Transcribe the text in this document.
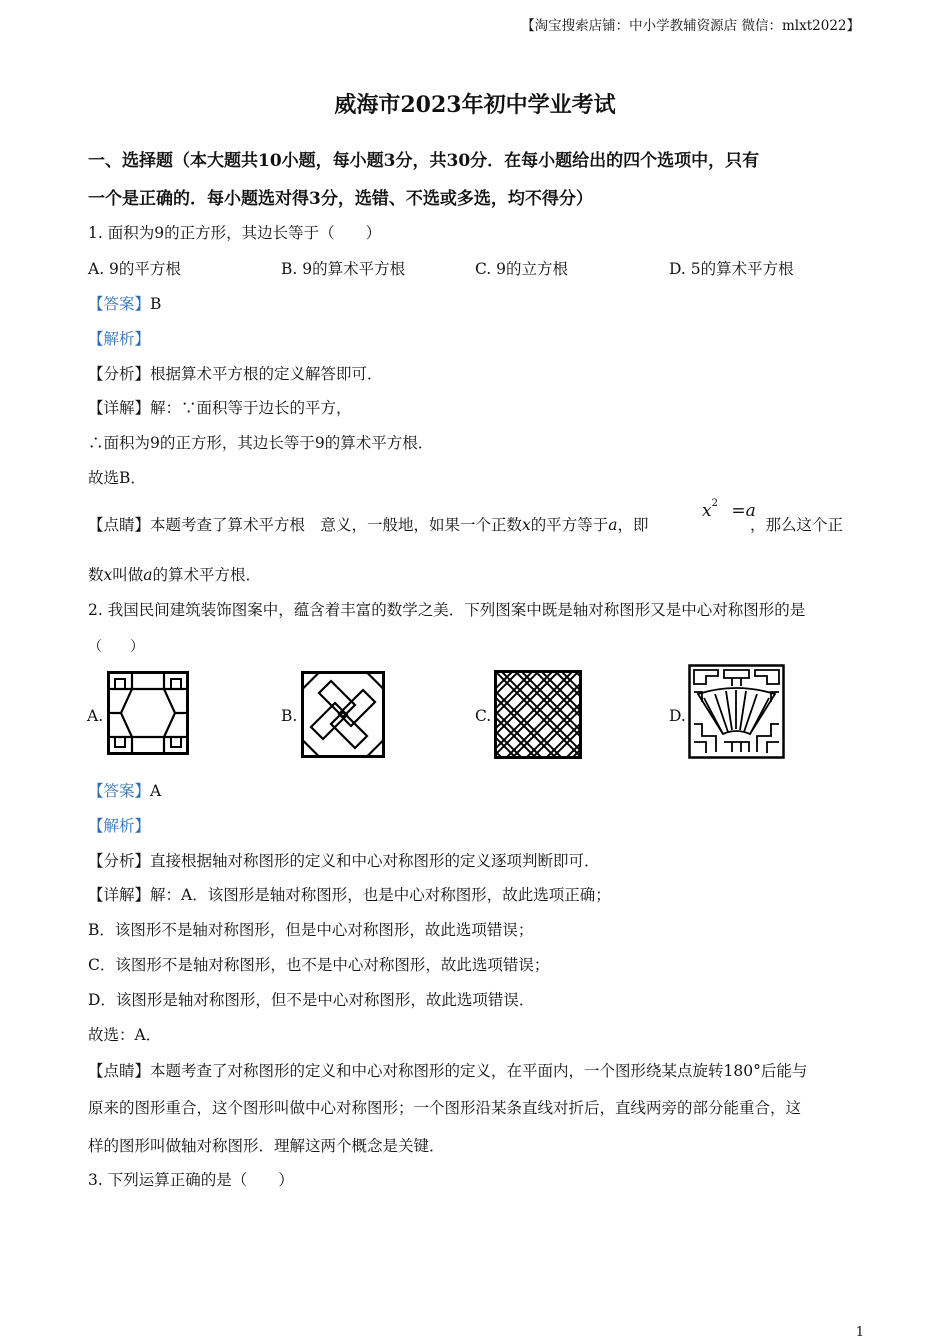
【淘宝搜索店铺：中小学教辅资源店 微信：mlxt2022】
威海市2023年初中学业考试
一、选择题（本大题共10小题，每小题3分，共30分．在每小题给出的四个选项中，只有
一个是正确的．每小题选对得3分，选错、不选或多选，均不得分）
1. 面积为9的正方形，其边长等于（　　）
A. 9的平方根	B. 9的算术平方根	C. 9的立方根	D. 5的算术平方根
【答案】B
【解析】
【分析】根据算术平方根的定义解答即可．
【详解】解：∵面积等于边长的平方，
∴面积为9的正方形，其边长等于9的算术平方根．
故选B．
【点睛】本题考查了算术平方根　意义，一般地，如果一个正数x的平方等于a，即
$x^2 =a$
，那么这个正
数x叫做a的算术平方根．
2. 我国民间建筑装饰图案中，蕴含着丰富的数学之美．下列图案中既是轴对称图形又是中心对称图形的是
（　　）
A.	B.	C.	D.
【答案】A
【解析】
【分析】直接根据轴对称图形的定义和中心对称图形的定义逐项判断即可．
【详解】解：A．该图形是轴对称图形，也是中心对称图形，故此选项正确；
B．该图形不是轴对称图形，但是中心对称图形，故此选项错误；
C．该图形不是轴对称图形，也不是中心对称图形，故此选项错误；
D．该图形是轴对称图形，但不是中心对称图形，故此选项错误．
故选：A．
【点睛】本题考查了对称图形的定义和中心对称图形的定义，在平面内，一个图形绕某点旋转180°后能与
原来的图形重合，这个图形叫做中心对称图形；一个图形沿某条直线对折后，直线两旁的部分能重合，这
样的图形叫做轴对称图形．理解这两个概念是关键．
3. 下列运算正确的是（　　）
1
